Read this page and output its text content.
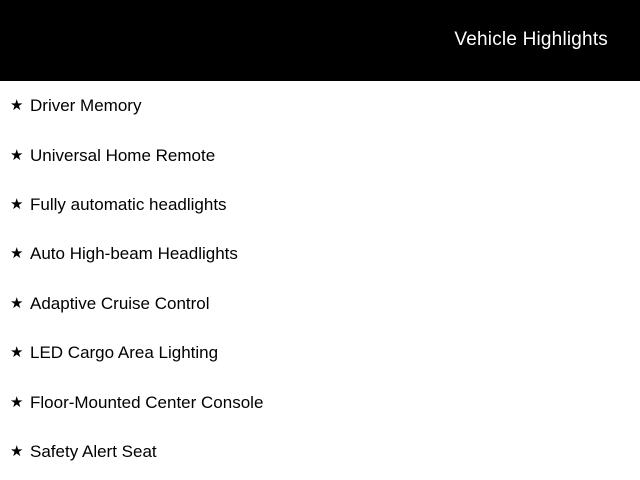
Vehicle Highlights
★ Driver Memory
★ Universal Home Remote
★ Fully automatic headlights
★ Auto High-beam Headlights
★ Adaptive Cruise Control
★ LED Cargo Area Lighting
★ Floor-Mounted Center Console
★ Safety Alert Seat
